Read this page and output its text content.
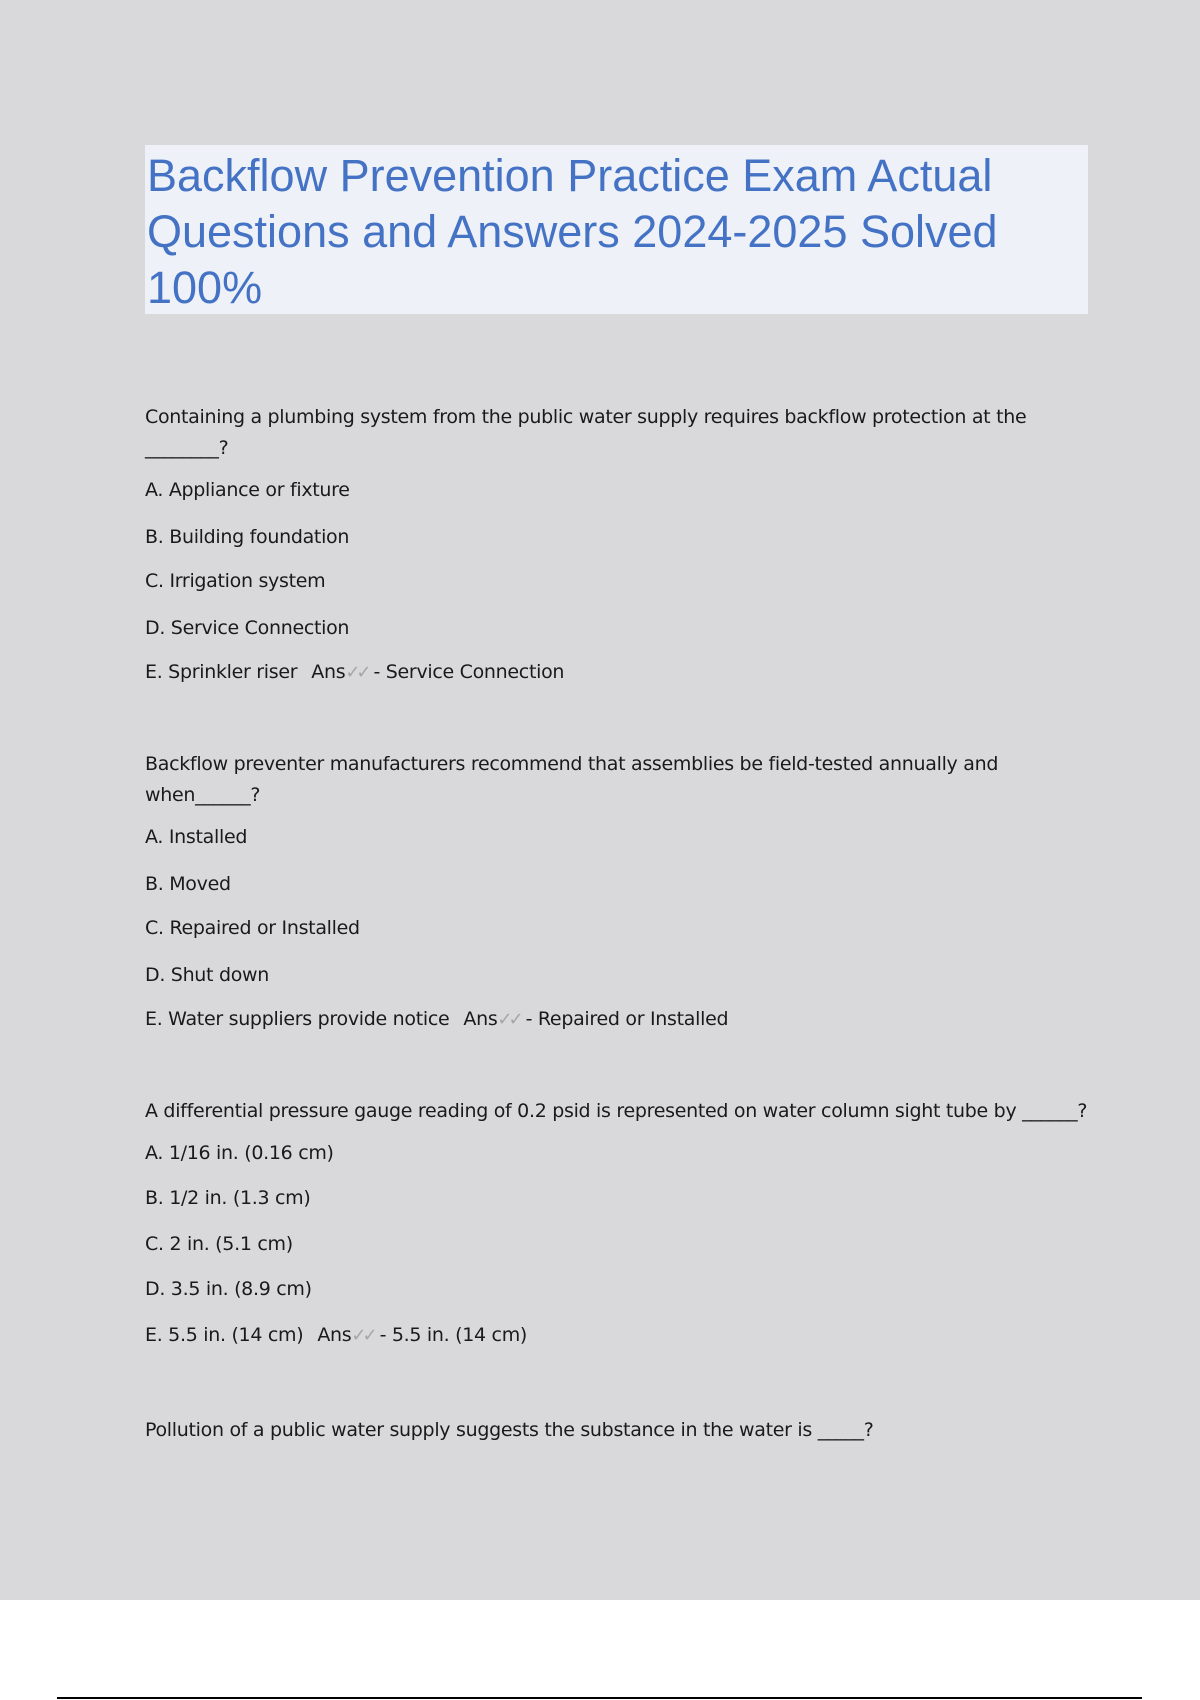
Backflow Prevention Practice Exam Actual Questions and Answers 2024-2025 Solved 100%

Containing a plumbing system from the public water supply requires backflow protection at the ________?

A. Appliance or fixture

B. Building foundation

C. Irrigation system

D. Service Connection

E. Sprinkler riser Ans✓✓ - Service Connection

Backflow preventer manufacturers recommend that assemblies be field-tested annually and when______?

A. Installed

B. Moved

C. Repaired or Installed

D. Shut down

E. Water suppliers provide notice Ans✓✓ - Repaired or Installed

A differential pressure gauge reading of 0.2 psid is represented on water column sight tube by ______?

A. 1/16 in. (0.16 cm)

B. 1/2 in. (1.3 cm)

C. 2 in. (5.1 cm)

D. 3.5 in. (8.9 cm)

E. 5.5 in. (14 cm) Ans✓✓ - 5.5 in. (14 cm)

Pollution of a public water supply suggests the substance in the water is _____?
